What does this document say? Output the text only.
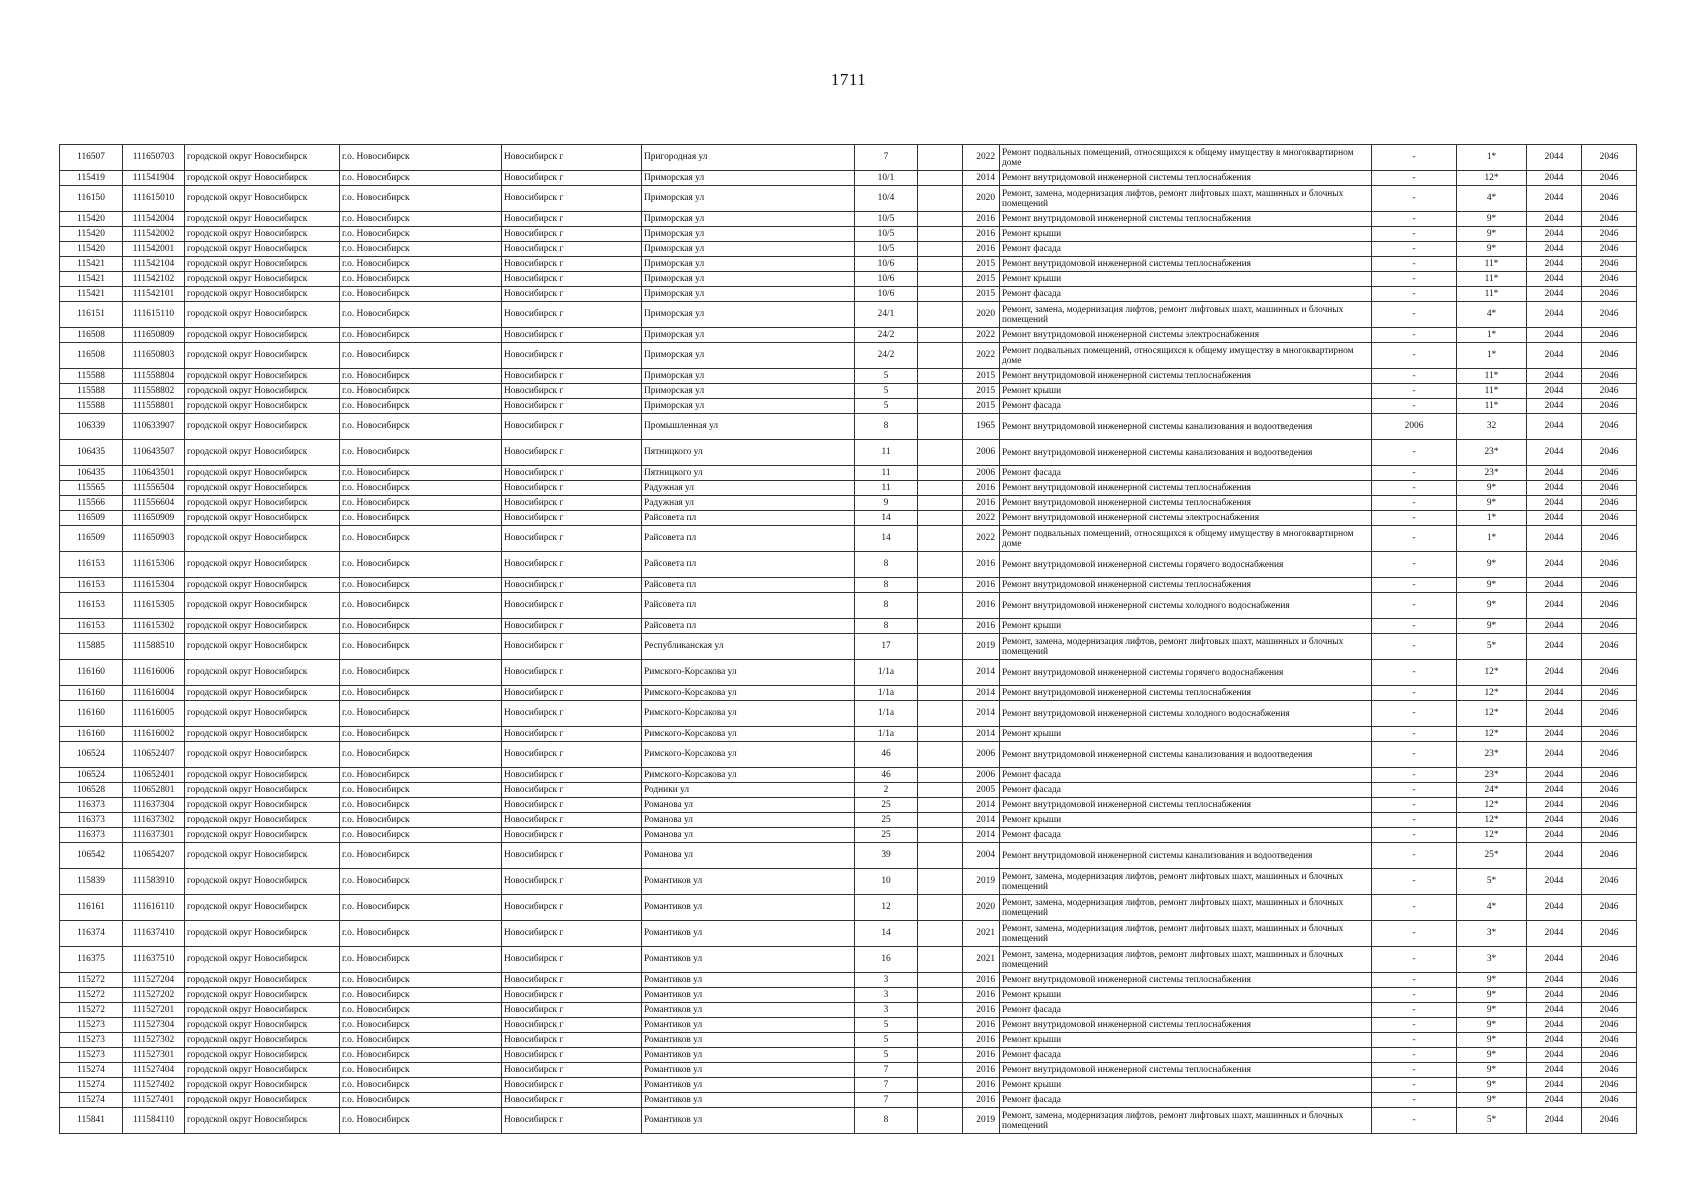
1711
116507	111650703	городской округ Новосибирск	г.о. Новосибирск	Новосибирск г	Пригородная ул	7		2022	Ремонт подвальных помещений, относящихся к общему имуществу в многоквартирном доме	-	1*	2044	2046
115419	111541904	городской округ Новосибирск	г.о. Новосибирск	Новосибирск г	Приморская ул	10/1		2014	Ремонт внутридомовой инженерной системы теплоснабжения	-	12*	2044	2046
116150	111615010	городской округ Новосибирск	г.о. Новосибирск	Новосибирск г	Приморская ул	10/4		2020	Ремонт, замена, модернизация лифтов, ремонт лифтовых шахт, машинных и блочных помещений	-	4*	2044	2046
115420	111542004	городской округ Новосибирск	г.о. Новосибирск	Новосибирск г	Приморская ул	10/5		2016	Ремонт внутридомовой инженерной системы теплоснабжения	-	9*	2044	2046
115420	111542002	городской округ Новосибирск	г.о. Новосибирск	Новосибирск г	Приморская ул	10/5		2016	Ремонт крыши	-	9*	2044	2046
115420	111542001	городской округ Новосибирск	г.о. Новосибирск	Новосибирск г	Приморская ул	10/5		2016	Ремонт фасада	-	9*	2044	2046
115421	111542104	городской округ Новосибирск	г.о. Новосибирск	Новосибирск г	Приморская ул	10/6		2015	Ремонт внутридомовой инженерной системы теплоснабжения	-	11*	2044	2046
115421	111542102	городской округ Новосибирск	г.о. Новосибирск	Новосибирск г	Приморская ул	10/6		2015	Ремонт крыши	-	11*	2044	2046
115421	111542101	городской округ Новосибирск	г.о. Новосибирск	Новосибирск г	Приморская ул	10/6		2015	Ремонт фасада	-	11*	2044	2046
116151	111615110	городской округ Новосибирск	г.о. Новосибирск	Новосибирск г	Приморская ул	24/1		2020	Ремонт, замена, модернизация лифтов, ремонт лифтовых шахт, машинных и блочных помещений	-	4*	2044	2046
116508	111650809	городской округ Новосибирск	г.о. Новосибирск	Новосибирск г	Приморская ул	24/2		2022	Ремонт внутридомовой инженерной системы электроснабжения	-	1*	2044	2046
116508	111650803	городской округ Новосибирск	г.о. Новосибирск	Новосибирск г	Приморская ул	24/2		2022	Ремонт подвальных помещений, относящихся к общему имуществу в многоквартирном доме	-	1*	2044	2046
115588	111558804	городской округ Новосибирск	г.о. Новосибирск	Новосибирск г	Приморская ул	5		2015	Ремонт внутридомовой инженерной системы теплоснабжения	-	11*	2044	2046
115588	111558802	городской округ Новосибирск	г.о. Новосибирск	Новосибирск г	Приморская ул	5		2015	Ремонт крыши	-	11*	2044	2046
115588	111558801	городской округ Новосибирск	г.о. Новосибирск	Новосибирск г	Приморская ул	5		2015	Ремонт фасада	-	11*	2044	2046
106339	110633907	городской округ Новосибирск	г.о. Новосибирск	Новосибирск г	Промышленная ул	8		1965	Ремонт внутридомовой инженерной системы канализования и водоотведения	2006	32	2044	2046
106435	110643507	городской округ Новосибирск	г.о. Новосибирск	Новосибирск г	Пятницкого ул	11		2006	Ремонт внутридомовой инженерной системы канализования и водоотведения	-	23*	2044	2046
106435	110643501	городской округ Новосибирск	г.о. Новосибирск	Новосибирск г	Пятницкого ул	11		2006	Ремонт фасада	-	23*	2044	2046
115565	111556504	городской округ Новосибирск	г.о. Новосибирск	Новосибирск г	Радужная ул	11		2016	Ремонт внутридомовой инженерной системы теплоснабжения	-	9*	2044	2046
115566	111556604	городской округ Новосибирск	г.о. Новосибирск	Новосибирск г	Радужная ул	9		2016	Ремонт внутридомовой инженерной системы теплоснабжения	-	9*	2044	2046
116509	111650909	городской округ Новосибирск	г.о. Новосибирск	Новосибирск г	Райсовета пл	14		2022	Ремонт внутридомовой инженерной системы электроснабжения	-	1*	2044	2046
116509	111650903	городской округ Новосибирск	г.о. Новосибирск	Новосибирск г	Райсовета пл	14		2022	Ремонт подвальных помещений, относящихся к общему имуществу в многоквартирном доме	-	1*	2044	2046
116153	111615306	городской округ Новосибирск	г.о. Новосибирск	Новосибирск г	Райсовета пл	8		2016	Ремонт внутридомовой инженерной системы горячего водоснабжения	-	9*	2044	2046
116153	111615304	городской округ Новосибирск	г.о. Новосибирск	Новосибирск г	Райсовета пл	8		2016	Ремонт внутридомовой инженерной системы теплоснабжения	-	9*	2044	2046
116153	111615305	городской округ Новосибирск	г.о. Новосибирск	Новосибирск г	Райсовета пл	8		2016	Ремонт внутридомовой инженерной системы холодного водоснабжения	-	9*	2044	2046
116153	111615302	городской округ Новосибирск	г.о. Новосибирск	Новосибирск г	Райсовета пл	8		2016	Ремонт крыши	-	9*	2044	2046
115885	111588510	городской округ Новосибирск	г.о. Новосибирск	Новосибирск г	Республиканская ул	17		2019	Ремонт, замена, модернизация лифтов, ремонт лифтовых шахт, машинных и блочных помещений	-	5*	2044	2046
116160	111616006	городской округ Новосибирск	г.о. Новосибирск	Новосибирск г	Римского-Корсакова ул	1/1а		2014	Ремонт внутридомовой инженерной системы горячего водоснабжения	-	12*	2044	2046
116160	111616004	городской округ Новосибирск	г.о. Новосибирск	Новосибирск г	Римского-Корсакова ул	1/1а		2014	Ремонт внутридомовой инженерной системы теплоснабжения	-	12*	2044	2046
116160	111616005	городской округ Новосибирск	г.о. Новосибирск	Новосибирск г	Римского-Корсакова ул	1/1а		2014	Ремонт внутридомовой инженерной системы холодного водоснабжения	-	12*	2044	2046
116160	111616002	городской округ Новосибирск	г.о. Новосибирск	Новосибирск г	Римского-Корсакова ул	1/1а		2014	Ремонт крыши	-	12*	2044	2046
106524	110652407	городской округ Новосибирск	г.о. Новосибирск	Новосибирск г	Римского-Корсакова ул	46		2006	Ремонт внутридомовой инженерной системы канализования и водоотведения	-	23*	2044	2046
106524	110652401	городской округ Новосибирск	г.о. Новосибирск	Новосибирск г	Римского-Корсакова ул	46		2006	Ремонт фасада	-	23*	2044	2046
106528	110652801	городской округ Новосибирск	г.о. Новосибирск	Новосибирск г	Родники ул	2		2005	Ремонт фасада	-	24*	2044	2046
116373	111637304	городской округ Новосибирск	г.о. Новосибирск	Новосибирск г	Романова ул	25		2014	Ремонт внутридомовой инженерной системы теплоснабжения	-	12*	2044	2046
116373	111637302	городской округ Новосибирск	г.о. Новосибирск	Новосибирск г	Романова ул	25		2014	Ремонт крыши	-	12*	2044	2046
116373	111637301	городской округ Новосибирск	г.о. Новосибирск	Новосибирск г	Романова ул	25		2014	Ремонт фасада	-	12*	2044	2046
106542	110654207	городской округ Новосибирск	г.о. Новосибирск	Новосибирск г	Романова ул	39		2004	Ремонт внутридомовой инженерной системы канализования и водоотведения	-	25*	2044	2046
115839	111583910	городской округ Новосибирск	г.о. Новосибирск	Новосибирск г	Романтиков ул	10		2019	Ремонт, замена, модернизация лифтов, ремонт лифтовых шахт, машинных и блочных помещений	-	5*	2044	2046
116161	111616110	городской округ Новосибирск	г.о. Новосибирск	Новосибирск г	Романтиков ул	12		2020	Ремонт, замена, модернизация лифтов, ремонт лифтовых шахт, машинных и блочных помещений	-	4*	2044	2046
116374	111637410	городской округ Новосибирск	г.о. Новосибирск	Новосибирск г	Романтиков ул	14		2021	Ремонт, замена, модернизация лифтов, ремонт лифтовых шахт, машинных и блочных помещений	-	3*	2044	2046
116375	111637510	городской округ Новосибирск	г.о. Новосибирск	Новосибирск г	Романтиков ул	16		2021	Ремонт, замена, модернизация лифтов, ремонт лифтовых шахт, машинных и блочных помещений	-	3*	2044	2046
115272	111527204	городской округ Новосибирск	г.о. Новосибирск	Новосибирск г	Романтиков ул	3		2016	Ремонт внутридомовой инженерной системы теплоснабжения	-	9*	2044	2046
115272	111527202	городской округ Новосибирск	г.о. Новосибирск	Новосибирск г	Романтиков ул	3		2016	Ремонт крыши	-	9*	2044	2046
115272	111527201	городской округ Новосибирск	г.о. Новосибирск	Новосибирск г	Романтиков ул	3		2016	Ремонт фасада	-	9*	2044	2046
115273	111527304	городской округ Новосибирск	г.о. Новосибирск	Новосибирск г	Романтиков ул	5		2016	Ремонт внутридомовой инженерной системы теплоснабжения	-	9*	2044	2046
115273	111527302	городской округ Новосибирск	г.о. Новосибирск	Новосибирск г	Романтиков ул	5		2016	Ремонт крыши	-	9*	2044	2046
115273	111527301	городской округ Новосибирск	г.о. Новосибирск	Новосибирск г	Романтиков ул	5		2016	Ремонт фасада	-	9*	2044	2046
115274	111527404	городской округ Новосибирск	г.о. Новосибирск	Новосибирск г	Романтиков ул	7		2016	Ремонт внутридомовой инженерной системы теплоснабжения	-	9*	2044	2046
115274	111527402	городской округ Новосибирск	г.о. Новосибирск	Новосибирск г	Романтиков ул	7		2016	Ремонт крыши	-	9*	2044	2046
115274	111527401	городской округ Новосибирск	г.о. Новосибирск	Новосибирск г	Романтиков ул	7		2016	Ремонт фасада	-	9*	2044	2046
115841	111584110	городской округ Новосибирск	г.о. Новосибирск	Новосибирск г	Романтиков ул	8		2019	Ремонт, замена, модернизация лифтов, ремонт лифтовых шахт, машинных и блочных помещений	-	5*	2044	2046
